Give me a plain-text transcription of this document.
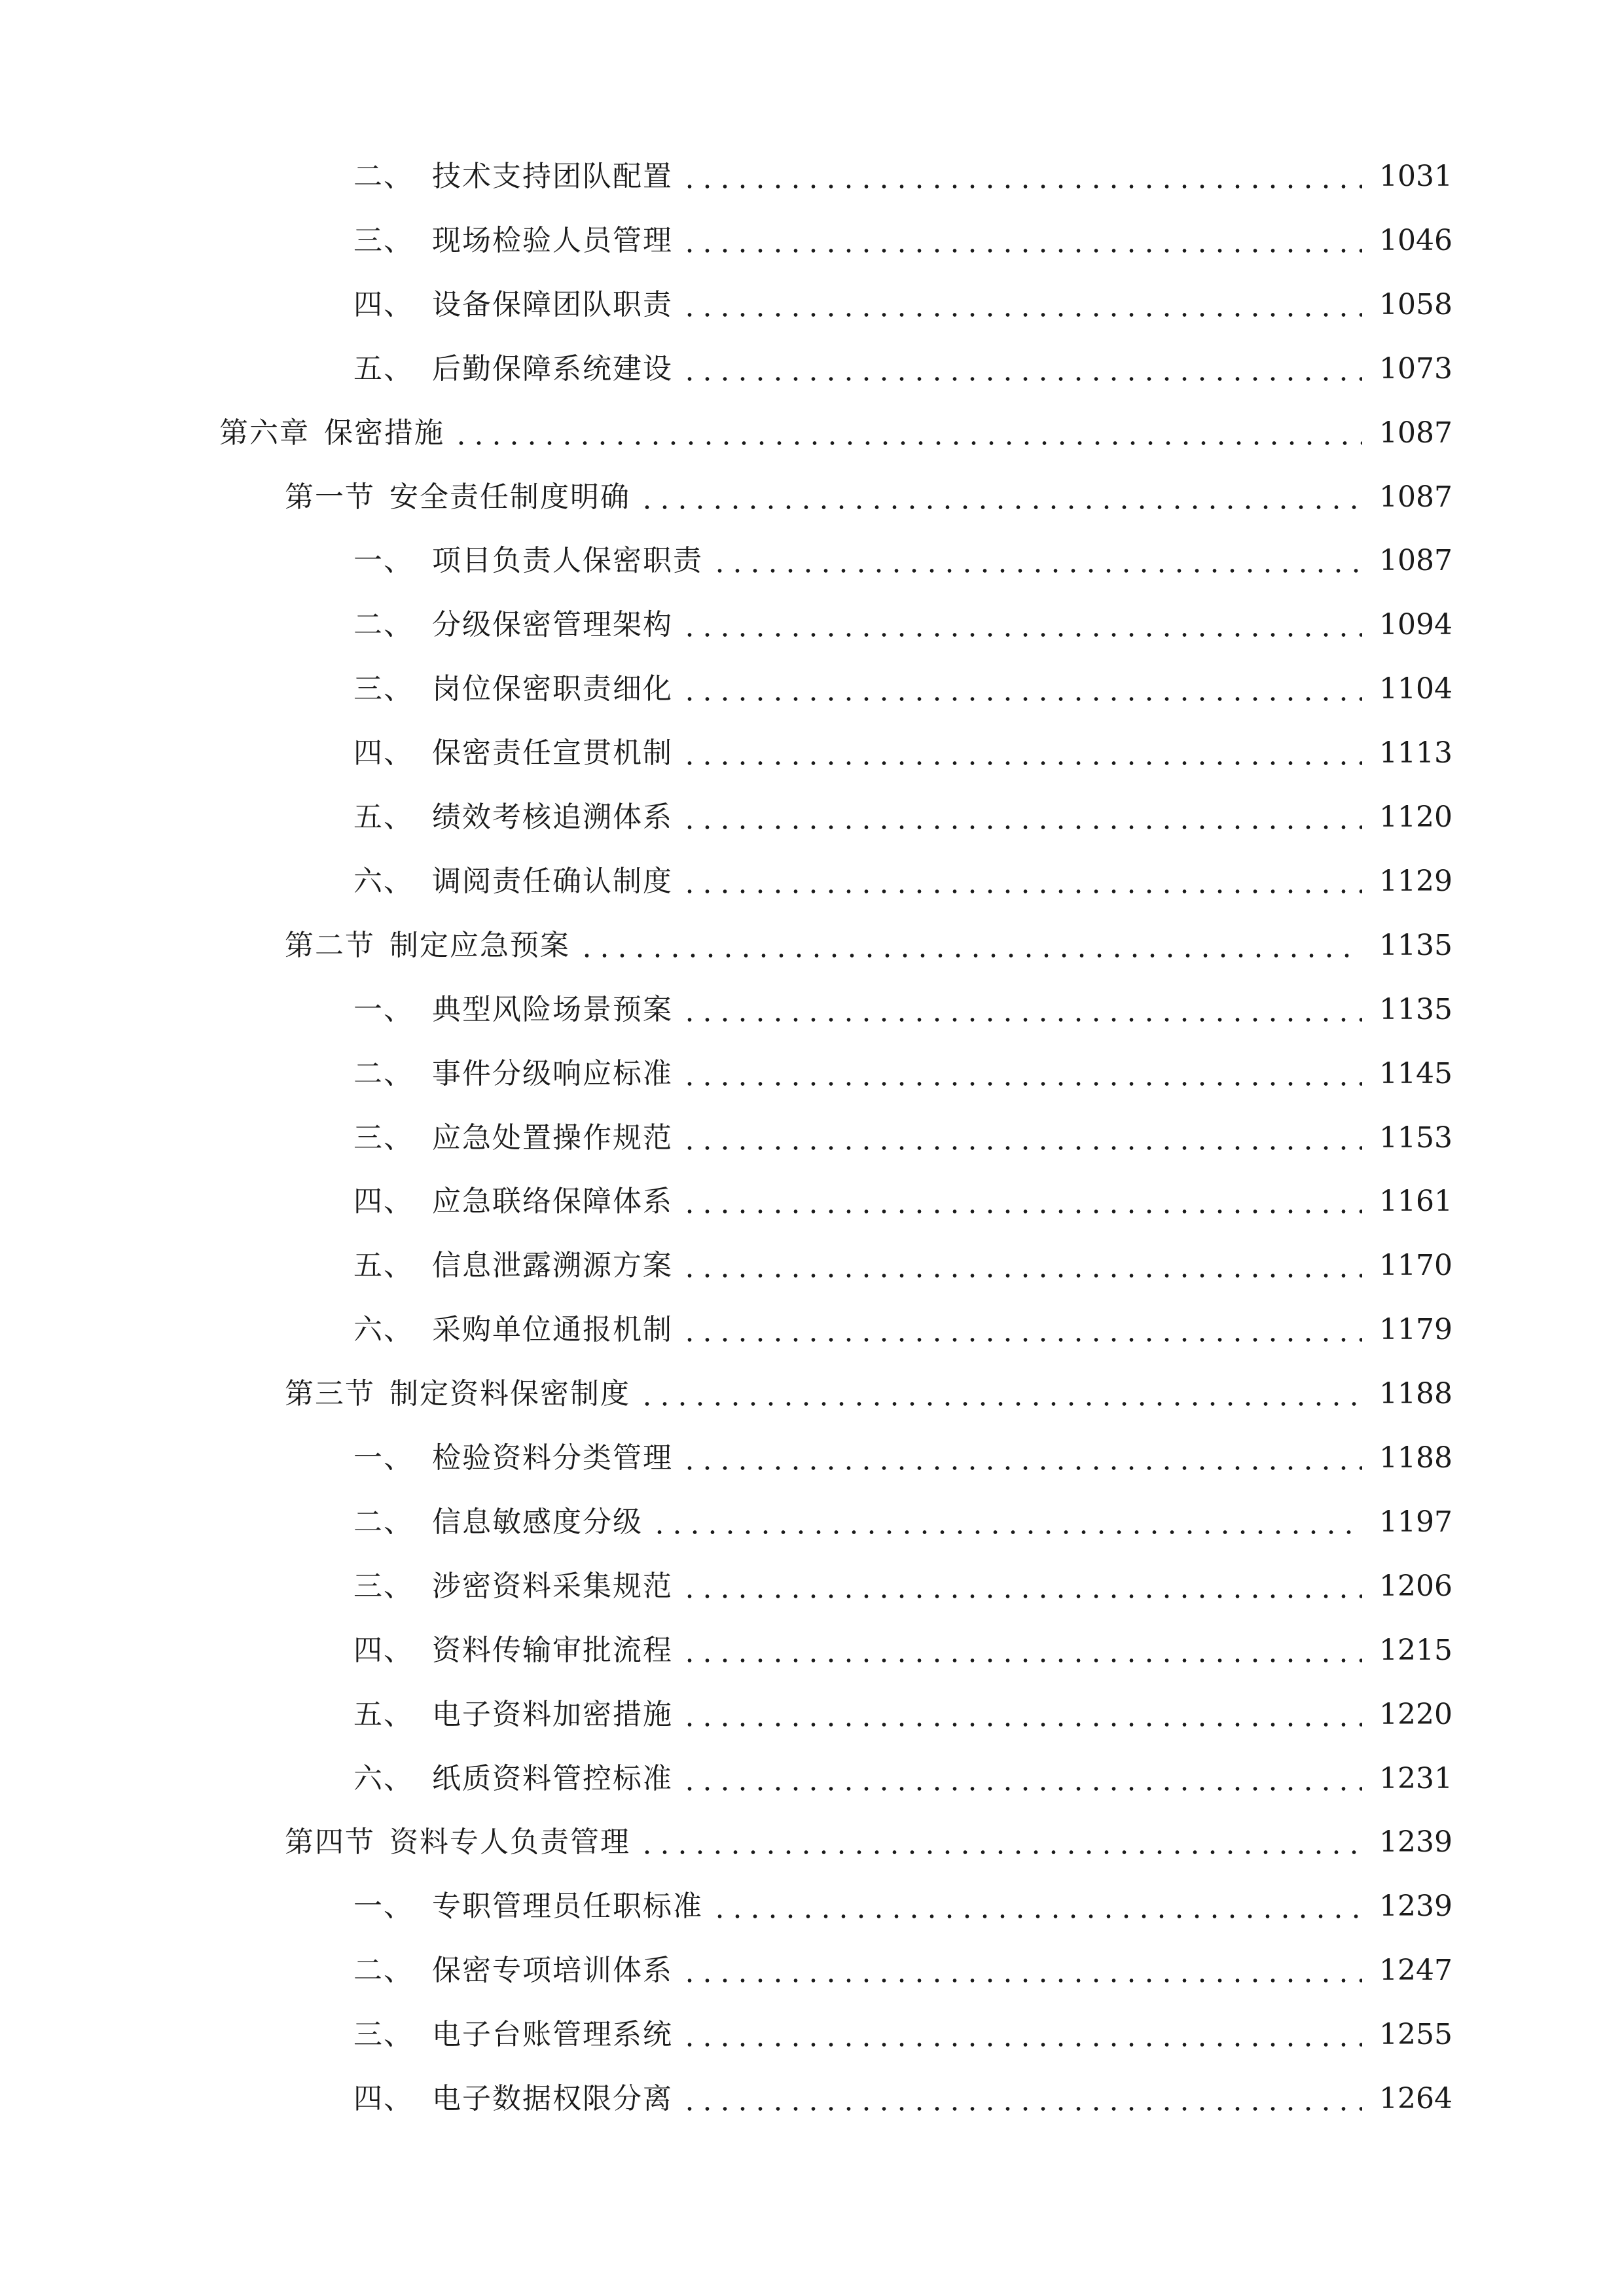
二、 技术支持团队配置	1031
三、 现场检验人员管理	1046
四、 设备保障团队职责	1058
五、 后勤保障系统建设	1073
第六章 保密措施	1087
第一节 安全责任制度明确	1087
一、 项目负责人保密职责	1087
二、 分级保密管理架构	1094
三、 岗位保密职责细化	1104
四、 保密责任宣贯机制	1113
五、 绩效考核追溯体系	1120
六、 调阅责任确认制度	1129
第二节 制定应急预案	1135
一、 典型风险场景预案	1135
二、 事件分级响应标准	1145
三、 应急处置操作规范	1153
四、 应急联络保障体系	1161
五、 信息泄露溯源方案	1170
六、 采购单位通报机制	1179
第三节 制定资料保密制度	1188
一、 检验资料分类管理	1188
二、 信息敏感度分级	1197
三、 涉密资料采集规范	1206
四、 资料传输审批流程	1215
五、 电子资料加密措施	1220
六、 纸质资料管控标准	1231
第四节 资料专人负责管理	1239
一、 专职管理员任职标准	1239
二、 保密专项培训体系	1247
三、 电子台账管理系统	1255
四、 电子数据权限分离	1264
